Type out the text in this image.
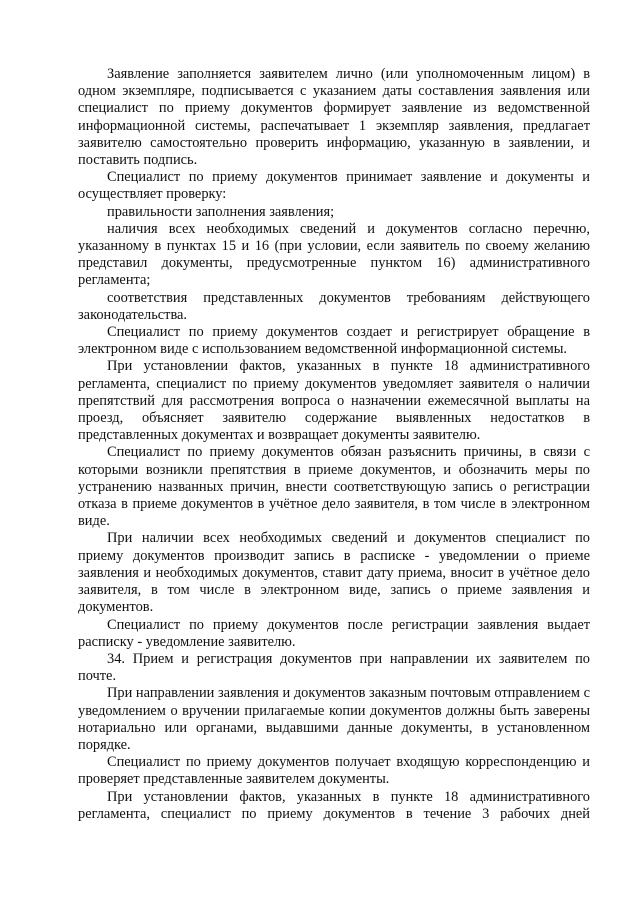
Заявление заполняется заявителем лично (или уполномоченным лицом) в одном экземпляре, подписывается с указанием даты составления заявления или специалист по приему документов формирует заявление из ведомственной информационной системы, распечатывает 1 экземпляр заявления, предлагает заявителю самостоятельно проверить информацию, указанную в заявлении, и поставить подпись.

Специалист по приему документов принимает заявление и документы и осуществляет проверку:

правильности заполнения заявления;

наличия всех необходимых сведений и документов согласно перечню, указанному в пунктах 15 и 16 (при условии, если заявитель по своему желанию представил документы, предусмотренные пунктом 16) административного регламента;

соответствия представленных документов требованиям действующего законодательства.

Специалист по приему документов создает и регистрирует обращение в электронном виде с использованием ведомственной информационной системы.

При установлении фактов, указанных в пункте 18 административного регламента, специалист по приему документов уведомляет заявителя о наличии препятствий для рассмотрения вопроса о назначении ежемесячной выплаты на проезд, объясняет заявителю содержание выявленных недостатков в представленных документах и возвращает документы заявителю.

Специалист по приему документов обязан разъяснить причины, в связи с которыми возникли препятствия в приеме документов, и обозначить меры по устранению названных причин, внести соответствующую запись о регистрации отказа в приеме документов в учётное дело заявителя, в том числе в электронном виде.

При наличии всех необходимых сведений и документов специалист по приему документов производит запись в расписке - уведомлении о приеме заявления и необходимых документов, ставит дату приема, вносит в учётное дело заявителя, в том числе в электронном виде, запись о приеме заявления и документов.

Специалист по приему документов после регистрации заявления выдает расписку - уведомление заявителю.

34. Прием и регистрация документов при направлении их заявителем по почте.

При направлении заявления и документов заказным почтовым отправлением с уведомлением о вручении прилагаемые копии документов должны быть заверены нотариально или органами, выдавшими данные документы, в установленном порядке.

Специалист по приему документов получает входящую корреспонденцию и проверяет представленные заявителем документы.

При установлении фактов, указанных в пункте 18 административного регламента, специалист по приему документов в течение 3 рабочих дней
